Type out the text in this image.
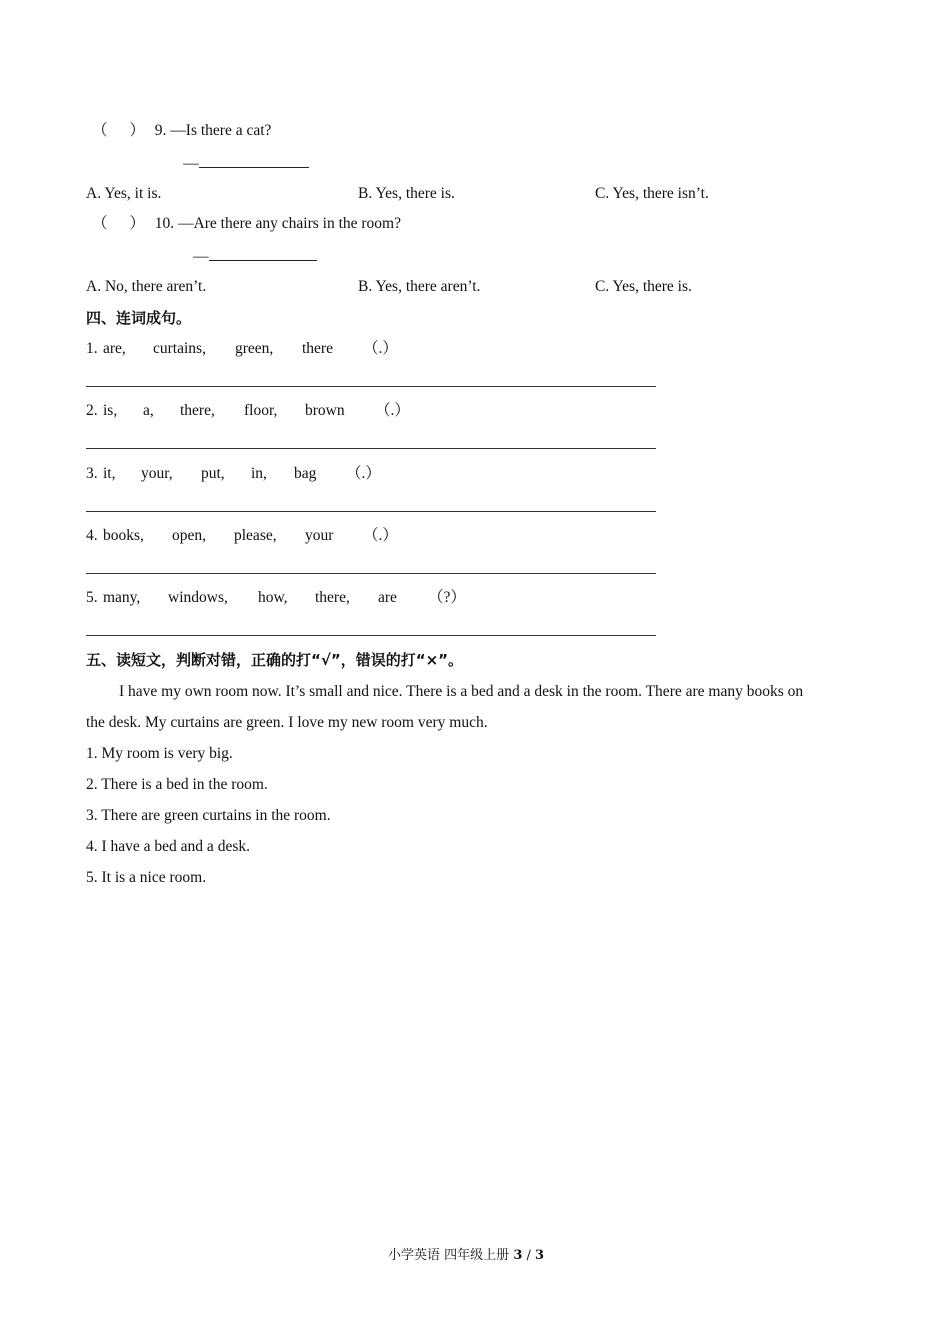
（ ） 9. —Is there a cat?
—
A. Yes, it is.	B. Yes, there is.	C. Yes, there isn’t.
（ ） 10. —Are there any chairs in the room?
—
A. No, there aren’t.	B. Yes, there aren’t.	C. Yes, there is.
四、连词成句。
1. are, curtains, green, there （.）
2. is, a, there, floor, brown （.）
3. it, your, put, in, bag （.）
4. books, open, please, your （.）
5. many, windows, how, there, are （?）
五、读短文，判断对错，正确的打“√”，错误的打“×”。
I have my own room now. It’s small and nice. There is a bed and a desk in the room. There are many books on
the desk. My curtains are green. I love my new room very much.
1. My room is very big.
2. There is a bed in the room.
3. There are green curtains in the room.
4. I have a bed and a desk.
5. It is a nice room.
小学英语 四年级上册 3 / 3
